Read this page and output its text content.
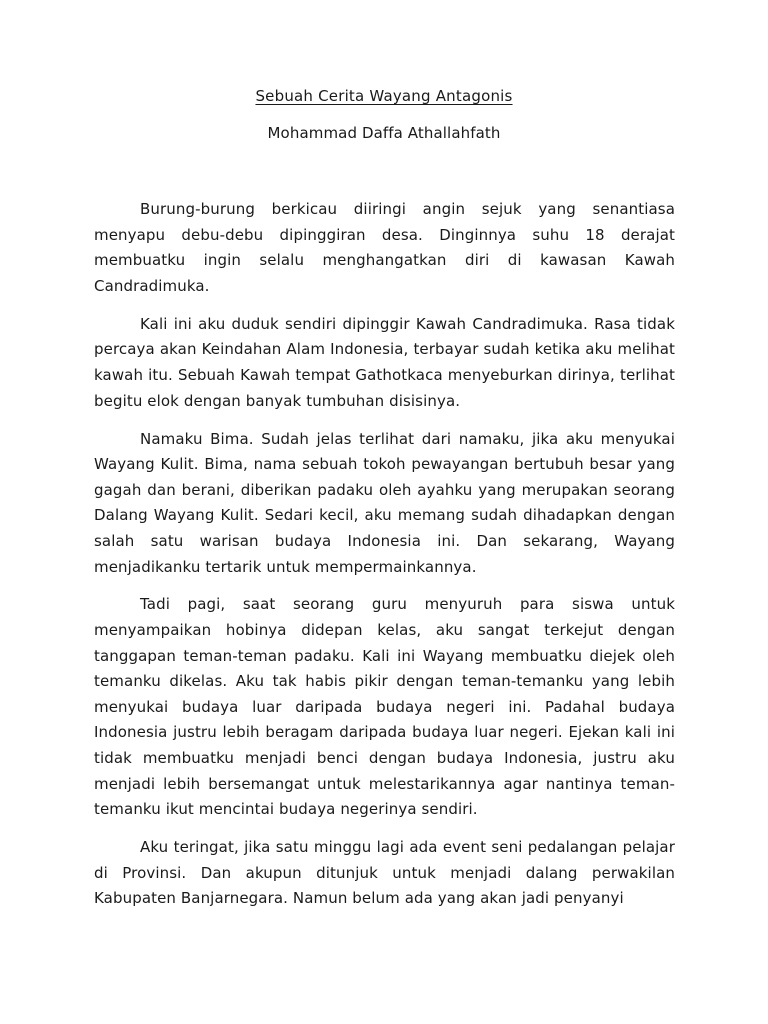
Sebuah Cerita Wayang Antagonis
Mohammad Daffa Athallahfath

Burung-burung berkicau diiringi angin sejuk yang senantiasa menyapu debu-debu dipinggiran desa. Dinginnya suhu 18 derajat membuatku ingin selalu menghangatkan diri di kawasan Kawah Candradimuka.

Kali ini aku duduk sendiri dipinggir Kawah Candradimuka. Rasa tidak percaya akan Keindahan Alam Indonesia, terbayar sudah ketika aku melihat kawah itu. Sebuah Kawah tempat Gathotkaca menyeburkan dirinya, terlihat begitu elok dengan banyak tumbuhan disisinya.

Namaku Bima. Sudah jelas terlihat dari namaku, jika aku menyukai Wayang Kulit. Bima, nama sebuah tokoh pewayangan bertubuh besar yang gagah dan berani, diberikan padaku oleh ayahku yang merupakan seorang Dalang Wayang Kulit. Sedari kecil, aku memang sudah dihadapkan dengan salah satu warisan budaya Indonesia ini. Dan sekarang, Wayang menjadikanku tertarik untuk mempermainkannya.

Tadi pagi, saat seorang guru menyuruh para siswa untuk menyampaikan hobinya didepan kelas, aku sangat terkejut dengan tanggapan teman-teman padaku. Kali ini Wayang membuatku diejek oleh temanku dikelas. Aku tak habis pikir dengan teman-temanku yang lebih menyukai budaya luar daripada budaya negeri ini. Padahal budaya Indonesia justru lebih beragam daripada budaya luar negeri. Ejekan kali ini tidak membuatku menjadi benci dengan budaya Indonesia, justru aku menjadi lebih bersemangat untuk melestarikannya agar nantinya teman-temanku ikut mencintai budaya negerinya sendiri.

Aku teringat, jika satu minggu lagi ada event seni pedalangan pelajar di Provinsi. Dan akupun ditunjuk untuk menjadi dalang perwakilan Kabupaten Banjarnegara. Namun belum ada yang akan jadi penyanyi
